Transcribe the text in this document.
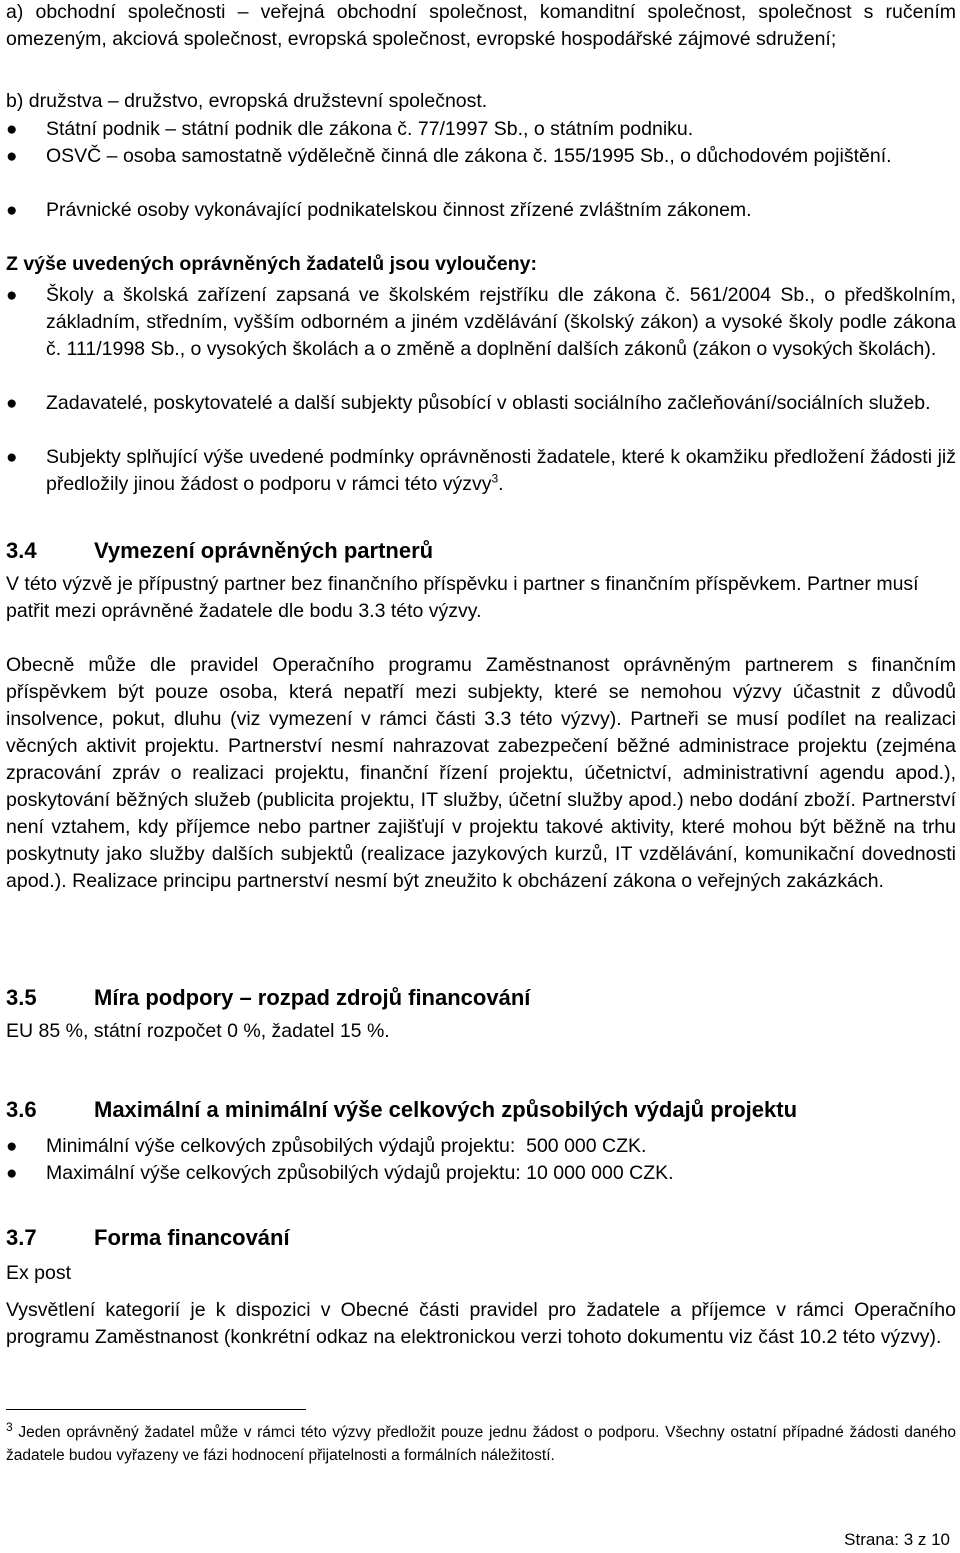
a) obchodní společnosti – veřejná obchodní společnost, komanditní společnost, společnost s ručením omezeným, akciová společnost, evropská společnost, evropské hospodářské zájmové sdružení;
b) družstva – družstvo, evropská družstevní společnost.
● Státní podnik – státní podnik dle zákona č. 77/1997 Sb., o státním podniku.
● OSVČ – osoba samostatně výdělečně činná dle zákona č. 155/1995 Sb., o důchodovém pojištění.
● Právnické osoby vykonávající podnikatelskou činnost zřízené zvláštním zákonem.
Z výše uvedených oprávněných žadatelů jsou vyloučeny:
● Školy a školská zařízení zapsaná ve školském rejstříku dle zákona č. 561/2004 Sb., o předškolním, základním, středním, vyšším odborném a jiném vzdělávání (školský zákon) a vysoké školy podle zákona č. 111/1998 Sb., o vysokých školách a o změně a doplnění dalších zákonů (zákon o vysokých školách).
● Zadavatelé, poskytovatelé a další subjekty působící v oblasti sociálního začleňování/sociálních služeb.
● Subjekty splňující výše uvedené podmínky oprávněnosti žadatele, které k okamžiku předložení žádosti již předložily jinou žádost o podporu v rámci této výzvy$^3$.
3.4	Vymezení oprávněných partnerů
V této výzvě je přípustný partner bez finančního příspěvku i partner s finančním příspěvkem. Partner musí patřit mezi oprávněné žadatele dle bodu 3.3 této výzvy.
Obecně může dle pravidel Operačního programu Zaměstnanost oprávněným partnerem s finančním příspěvkem být pouze osoba, která nepatří mezi subjekty, které se nemohou výzvy účastnit z důvodů insolvence, pokut, dluhu (viz vymezení v rámci části 3.3 této výzvy). Partneři se musí podílet na realizaci věcných aktivit projektu. Partnerství nesmí nahrazovat zabezpečení běžné administrace projektu (zejména zpracování zpráv o realizaci projektu, finanční řízení projektu, účetnictví, administrativní agendu apod.), poskytování běžných služeb (publicita projektu, IT služby, účetní služby apod.) nebo dodání zboží. Partnerství není vztahem, kdy příjemce nebo partner zajišťují v projektu takové aktivity, které mohou být běžně na trhu poskytnuty jako služby dalších subjektů (realizace jazykových kurzů, IT vzdělávání, komunikační dovednosti apod.). Realizace principu partnerství nesmí být zneužito k obcházení zákona o veřejných zakázkách.
3.5	Míra podpory – rozpad zdrojů financování
EU 85 %, státní rozpočet 0 %, žadatel 15 %.
3.6	Maximální a minimální výše celkových způsobilých výdajů projektu
● Minimální výše celkových způsobilých výdajů projektu:  500 000 CZK.
● Maximální výše celkových způsobilých výdajů projektu: 10 000 000 CZK.
3.7	Forma financování
Ex post
Vysvětlení kategorií je k dispozici v Obecné části pravidel pro žadatele a příjemce v rámci Operačního programu Zaměstnanost (konkrétní odkaz na elektronickou verzi tohoto dokumentu viz část 10.2 této výzvy).
$^3$ Jeden oprávněný žadatel může v rámci této výzvy předložit pouze jednu žádost o podporu. Všechny ostatní případné žádosti daného žadatele budou vyřazeny ve fázi hodnocení přijatelnosti a formálních náležitostí.
Strana: 3 z 10
